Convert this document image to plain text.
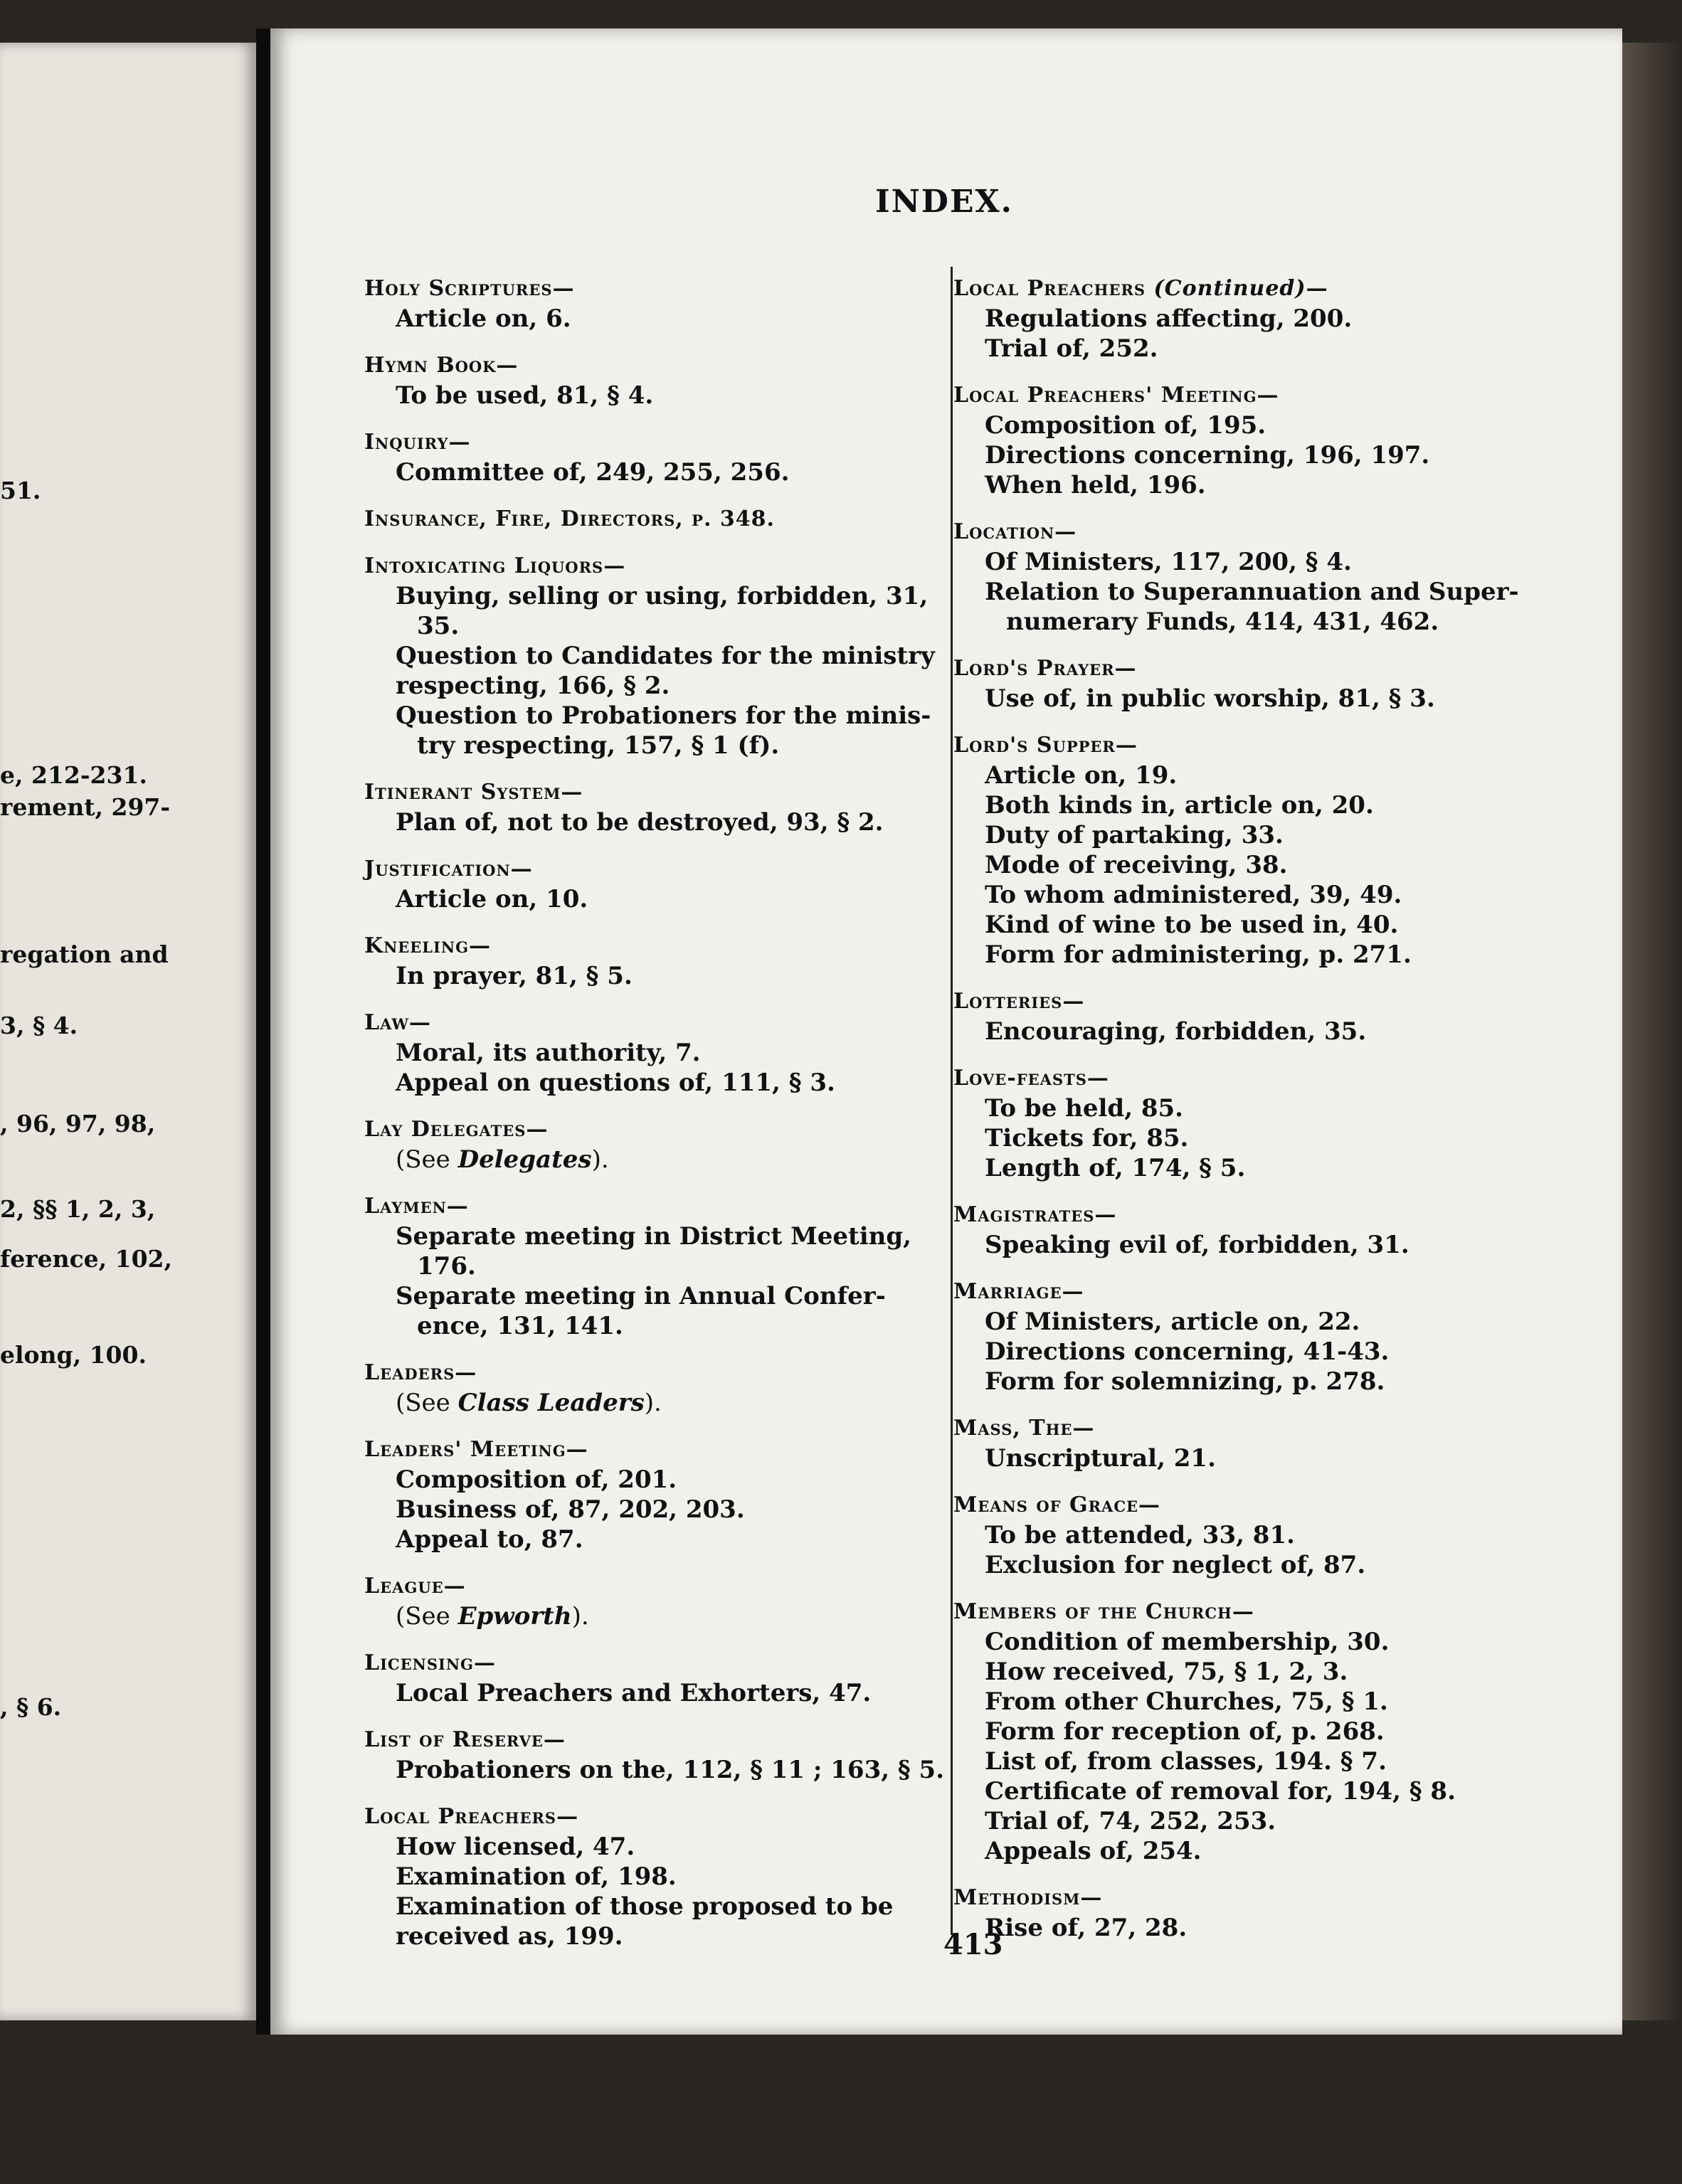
51.
e, 212-231.
rement, 297-
regation and
3, § 4.
, 96, 97, 98,
2, §§ 1, 2, 3,
ference, 102,
elong, 100.
, § 6.
INDEX.
Holy Scriptures—
Article on, 6.
Hymn Book—
To be used, 81, § 4.
Inquiry—
Committee of, 249, 255, 256.
Insurance, Fire, Directors, p. 348.
Intoxicating Liquors—
Buying, selling or using, forbidden, 31,
35.
Question to Candidates for the ministry
respecting, 166, § 2.
Question to Probationers for the minis-
try respecting, 157, § 1 (f).
Itinerant System—
Plan of, not to be destroyed, 93, § 2.
Justification—
Article on, 10.
Kneeling—
In prayer, 81, § 5.
Law—
Moral, its authority, 7.
Appeal on questions of, 111, § 3.
Lay Delegates—
(See Delegates).
Laymen—
Separate meeting in District Meeting,
176.
Separate meeting in Annual Confer-
ence, 131, 141.
Leaders—
(See Class Leaders).
Leaders' Meeting—
Composition of, 201.
Business of, 87, 202, 203.
Appeal to, 87.
League—
(See Epworth).
Licensing—
Local Preachers and Exhorters, 47.
List of Reserve—
Probationers on the, 112, § 11 ; 163, § 5.
Local Preachers—
How licensed, 47.
Examination of, 198.
Examination of those proposed to be
received as, 199.
Local Preachers (Continued)—
Regulations affecting, 200.
Trial of, 252.
Local Preachers' Meeting—
Composition of, 195.
Directions concerning, 196, 197.
When held, 196.
Location—
Of Ministers, 117, 200, § 4.
Relation to Superannuation and Super-
numerary Funds, 414, 431, 462.
Lord's Prayer—
Use of, in public worship, 81, § 3.
Lord's Supper—
Article on, 19.
Both kinds in, article on, 20.
Duty of partaking, 33.
Mode of receiving, 38.
To whom administered, 39, 49.
Kind of wine to be used in, 40.
Form for administering, p. 271.
Lotteries—
Encouraging, forbidden, 35.
Love-feasts—
To be held, 85.
Tickets for, 85.
Length of, 174, § 5.
Magistrates—
Speaking evil of, forbidden, 31.
Marriage—
Of Ministers, article on, 22.
Directions concerning, 41-43.
Form for solemnizing, p. 278.
Mass, The—
Unscriptural, 21.
Means of Grace—
To be attended, 33, 81.
Exclusion for neglect of, 87.
Members of the Church—
Condition of membership, 30.
How received, 75, § 1, 2, 3.
From other Churches, 75, § 1.
Form for reception of, p. 268.
List of, from classes, 194. § 7.
Certificate of removal for, 194, § 8.
Trial of, 74, 252, 253.
Appeals of, 254.
Methodism—
Rise of, 27, 28.
413
